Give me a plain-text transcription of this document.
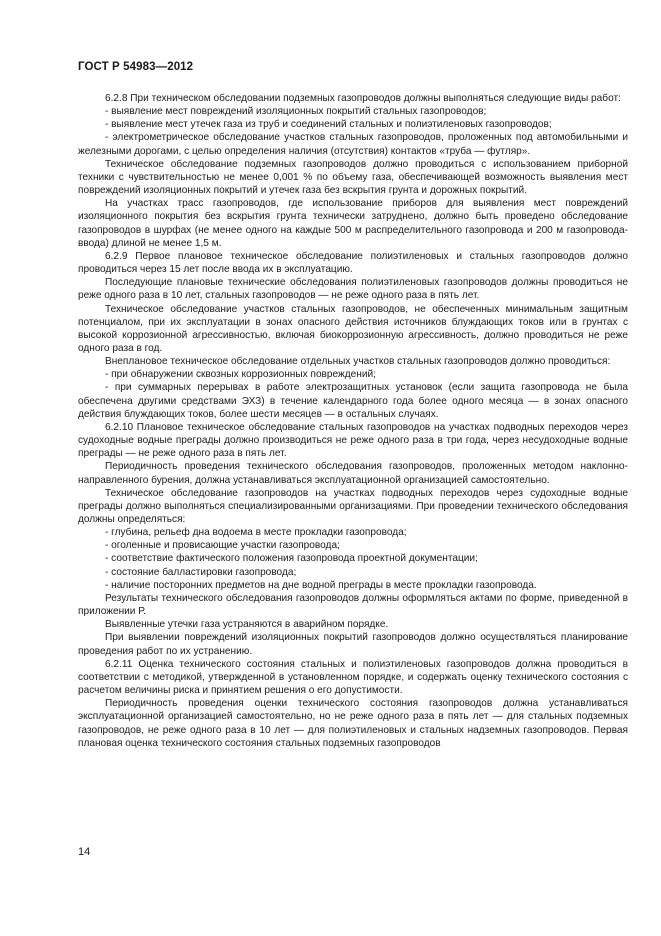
ГОСТ Р 54983—2012

6.2.8 При техническом обследовании подземных газопроводов должны выполняться следующие виды работ:

- выявление мест повреждений изоляционных покрытий стальных газопроводов;

- выявление мест утечек газа из труб и соединений стальных и полиэтиленовых газопроводов;

- электрометрическое обследование участков стальных газопроводов, проложенных под автомобильными и железными дорогами, с целью определения наличия (отсутствия) контактов «труба — футляр».

Техническое обследование подземных газопроводов должно проводиться с использованием приборной техники с чувствительностью не менее 0,001 % по объему газа, обеспечивающей возможность выявления мест повреждений изоляционных покрытий и утечек газа без вскрытия грунта и дорожных покрытий.

На участках трасс газопроводов, где использование приборов для выявления мест повреждений изоляционного покрытия без вскрытия грунта технически затруднено, должно быть проведено обследование газопроводов в шурфах (не менее одного на каждые 500 м распределительного газопровода и 200 м газопровода-ввода) длиной не менее 1,5 м.

6.2.9 Первое плановое техническое обследование полиэтиленовых и стальных газопроводов должно проводиться через 15 лет после ввода их в эксплуатацию.

Последующие плановые технические обследования полиэтиленовых газопроводов должны проводиться не реже одного раза в 10 лет, стальных газопроводов — не реже одного раза в пять лет.

Техническое обследование участков стальных газопроводов, не обеспеченных минимальным защитным потенциалом, при их эксплуатации в зонах опасного действия источников блуждающих токов или в грунтах с высокой коррозионной агрессивностью, включая биокоррозионную агрессивность, должно проводиться не реже одного раза в год.

Внеплановое техническое обследование отдельных участков стальных газопроводов должно проводиться:

- при обнаружении сквозных коррозионных повреждений;

- при суммарных перерывах в работе электрозащитных установок (если защита газопровода не была обеспечена другими средствами ЭХЗ) в течение календарного года более одного месяца — в зонах опасного действия блуждающих токов, более шести месяцев — в остальных случаях.

6.2.10 Плановое техническое обследование стальных газопроводов на участках подводных переходов через судоходные водные преграды должно производиться не реже одного раза в три года, через несудоходные водные преграды — не реже одного раза в пять лет.

Периодичность проведения технического обследования газопроводов, проложенных методом наклонно-направленного бурения, должна устанавливаться эксплуатационной организацией самостоятельно.

Техническое обследование газопроводов на участках подводных переходов через судоходные водные преграды должно выполняться специализированными организациями. При проведении технического обследования должны определяться:

- глубина, рельеф дна водоема в месте прокладки газопровода;

- оголенные и провисающие участки газопровода;

- соответствие фактического положения газопровода проектной документации;

- состояние балластировки газопровода;

- наличие посторонних предметов на дне водной преграды в месте прокладки газопровода.

Результаты технического обследования газопроводов должны оформляться актами по форме, приведенной в приложении Р.

Выявленные утечки газа устраняются в аварийном порядке.

При выявлении повреждений изоляционных покрытий газопроводов должно осуществляться планирование проведения работ по их устранению.

6.2.11 Оценка технического состояния стальных и полиэтиленовых газопроводов должна проводиться в соответствии с методикой, утвержденной в установленном порядке, и содержать оценку технического состояния с расчетом величины риска и принятием решения о его допустимости.

Периодичность проведения оценки технического состояния газопроводов должна устанавливаться эксплуатационной организацией самостоятельно, но не реже одного раза в пять лет — для стальных подземных газопроводов, не реже одного раза в 10 лет — для полиэтиленовых и стальных надземных газопроводов. Первая плановая оценка технического состояния стальных подземных газопроводов

14
